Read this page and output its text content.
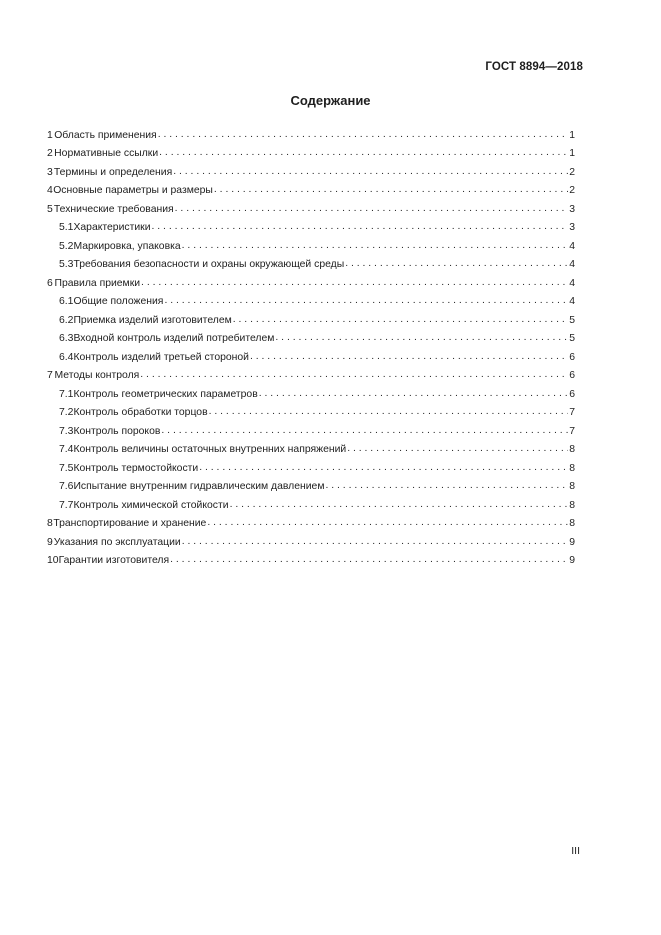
ГОСТ 8894—2018
Содержание
1 Область применения . . .	1
2 Нормативные ссылки . . .	1
3 Термины и определения . . .	2
4 Основные параметры и размеры . . .	2
5 Технические требования . . .	3
5.1 Характеристики . . .	3
5.2 Маркировка, упаковка . . .	4
5.3 Требования безопасности и охраны окружающей среды . . .	4
6 Правила приемки . . .	4
6.1 Общие положения . . .	4
6.2 Приемка изделий изготовителем . . .	5
6.3 Входной контроль изделий потребителем . . .	5
6.4 Контроль изделий третьей стороной . . .	6
7 Методы контроля . . .	6
7.1 Контроль геометрических параметров . . .	6
7.2 Контроль обработки торцов . . .	7
7.3 Контроль пороков . . .	7
7.4 Контроль величины остаточных внутренних напряжений . . .	8
7.5 Контроль термостойкости . . .	8
7.6 Испытание внутренним гидравлическим давлением . . .	8
7.7 Контроль химической стойкости . . .	8
8 Транспортирование и хранение . . .	8
9 Указания по эксплуатации . . .	9
10 Гарантии изготовителя . . .	9
III
